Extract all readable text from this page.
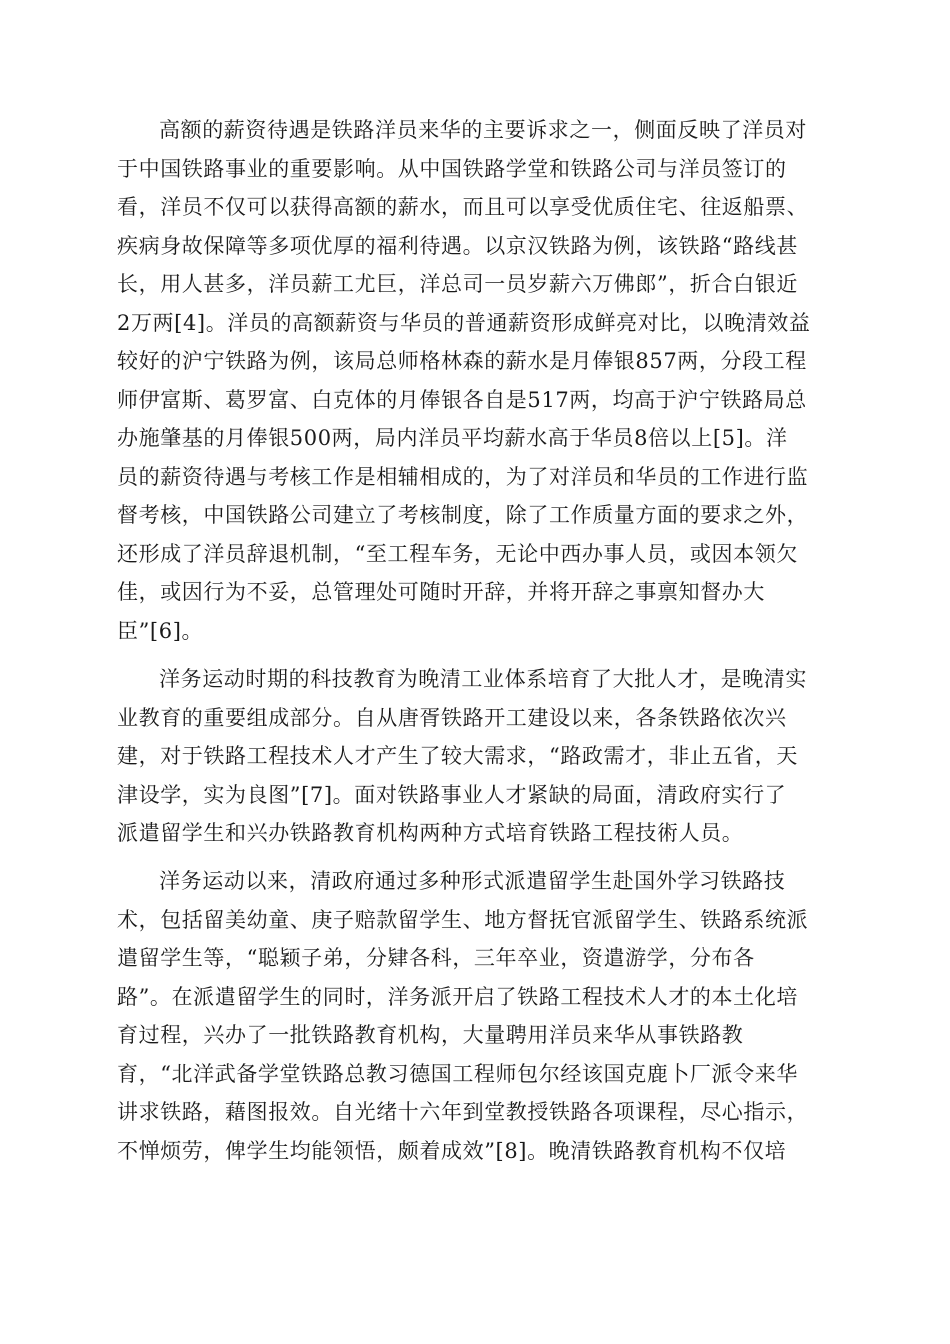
高额的薪资待遇是铁路洋员来华的主要诉求之一，侧面反映了洋员对
于中国铁路事业的重要影响。从中国铁路学堂和铁路公司与洋员签订的
看，洋员不仅可以获得高额的薪水，而且可以享受优质住宅、往返船票、
疾病身故保障等多项优厚的福利待遇。以京汉铁路为例，该铁路“路线甚
长，用人甚多，洋员薪工尤巨，洋总司一员岁薪六万佛郎”，折合白银近
2万两[4]。洋员的高额薪资与华员的普通薪资形成鲜亮对比，以晚清效益
较好的沪宁铁路为例，该局总师格林森的薪水是月俸银857两，分段工程
师伊富斯、葛罗富、白克体的月俸银各自是517两，均高于沪宁铁路局总
办施肇基的月俸银500两，局内洋员平均薪水高于华员8倍以上[5]。洋
员的薪资待遇与考核工作是相辅相成的，为了对洋员和华员的工作进行监
督考核，中国铁路公司建立了考核制度，除了工作质量方面的要求之外，
还形成了洋员辞退机制，“至工程车务，无论中西办事人员，或因本领欠
佳，或因行为不妥，总管理处可随时开辞，并将开辞之事禀知督办大
臣”[6]。
洋务运动时期的科技教育为晚清工业体系培育了大批人才，是晚清实
业教育的重要组成部分。自从唐胥铁路开工建设以来，各条铁路依次兴
建，对于铁路工程技术人才产生了较大需求，“路政需才，非止五省，天
津设学，实为良图”[7]。面对铁路事业人才紧缺的局面，清政府实行了
派遣留学生和兴办铁路教育机构两种方式培育铁路工程技術人员。
洋务运动以来，清政府通过多种形式派遣留学生赴国外学习铁路技
术，包括留美幼童、庚子赔款留学生、地方督抚官派留学生、铁路系统派
遣留学生等，“聪颖子弟，分肄各科，三年卒业，资遣游学，分布各
路”。在派遣留学生的同时，洋务派开启了铁路工程技术人才的本土化培
育过程，兴办了一批铁路教育机构，大量聘用洋员来华从事铁路教
育，“北洋武备学堂铁路总教习德国工程师包尔经该国克鹿卜厂派令来华
讲求铁路，藉图报效。自光绪十六年到堂教授铁路各项课程，尽心指示，
不惮烦劳，俾学生均能领悟，颇着成效”[8]。晚清铁路教育机构不仅培
